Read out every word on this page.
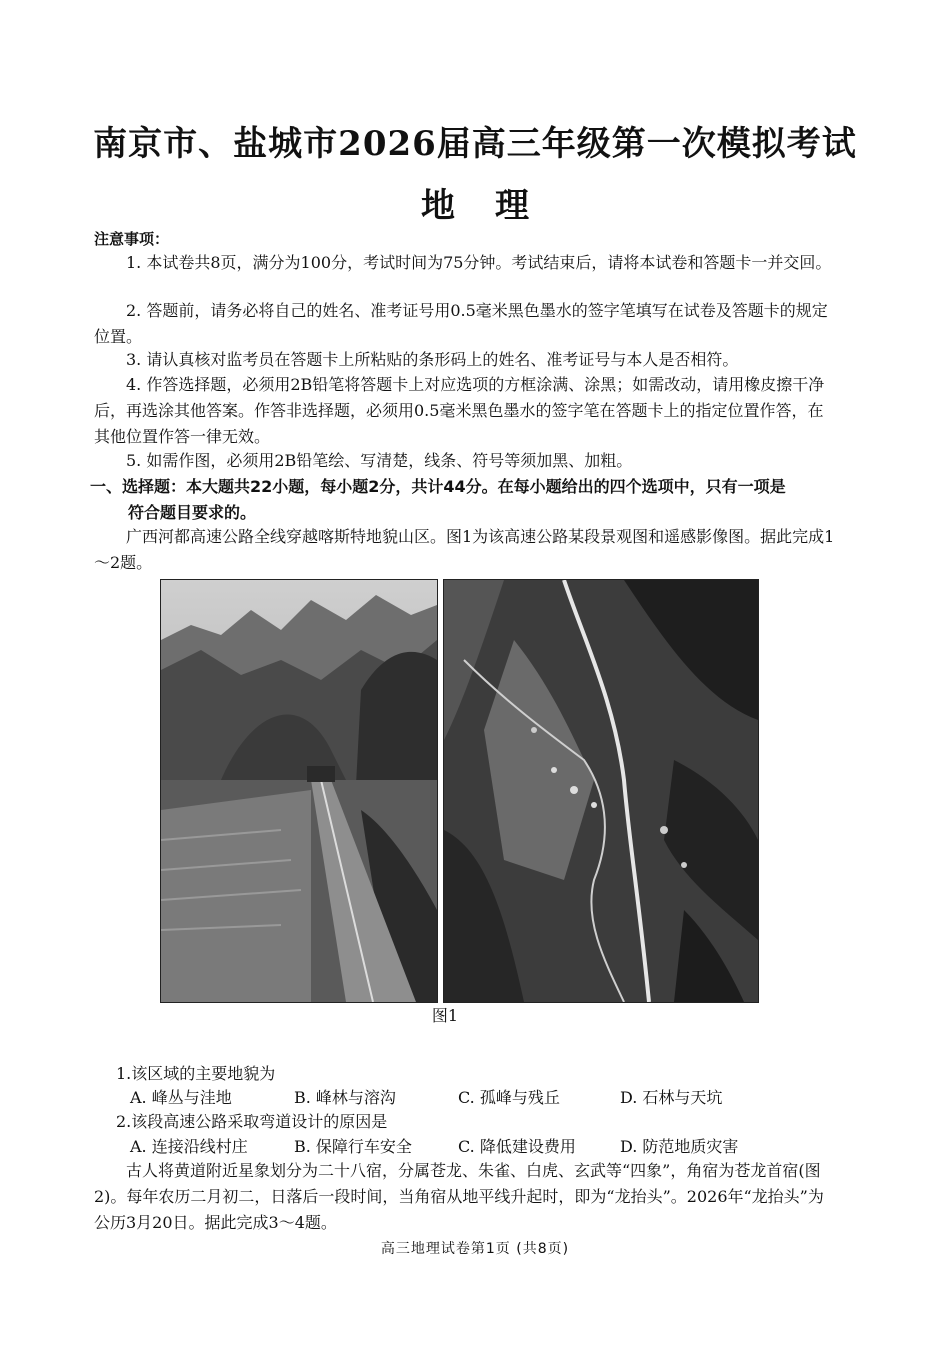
南京市、盐城市2026届高三年级第一次模拟考试
地理
注意事项：
1. 本试卷共8页，满分为100分，考试时间为75分钟。考试结束后，请将本试卷和答题卡一并交回。
2. 答题前，请务必将自己的姓名、准考证号用0.5毫米黑色墨水的签字笔填写在试卷及答题卡的规定位置。
3. 请认真核对监考员在答题卡上所粘贴的条形码上的姓名、准考证号与本人是否相符。
4. 作答选择题，必须用2B铅笔将答题卡上对应选项的方框涂满、涂黑；如需改动，请用橡皮擦干净后，再选涂其他答案。作答非选择题，必须用0.5毫米黑色墨水的签字笔在答题卡上的指定位置作答，在其他位置作答一律无效。
5. 如需作图，必须用2B铅笔绘、写清楚，线条、符号等须加黑、加粗。
一、选择题：本大题共22小题，每小题2分，共计44分。在每小题给出的四个选项中，只有一项是
符合题目要求的。
广西河都高速公路全线穿越喀斯特地貌山区。图1为该高速公路某段景观图和遥感影像图。据此完成1～2题。
图1
1.该区域的主要地貌为
A. 峰丛与洼地	B. 峰林与溶沟	C. 孤峰与残丘	D. 石林与天坑
2.该段高速公路采取弯道设计的原因是
A. 连接沿线村庄	B. 保障行车安全	C. 降低建设费用	D. 防范地质灾害
古人将黄道附近星象划分为二十八宿，分属苍龙、朱雀、白虎、玄武等“四象”，角宿为苍龙首宿(图2)。每年农历二月初二，日落后一段时间，当角宿从地平线升起时，即为“龙抬头”。2026年“龙抬头”为公历3月20日。据此完成3～4题。
高三地理试卷第1页 (共8页)
